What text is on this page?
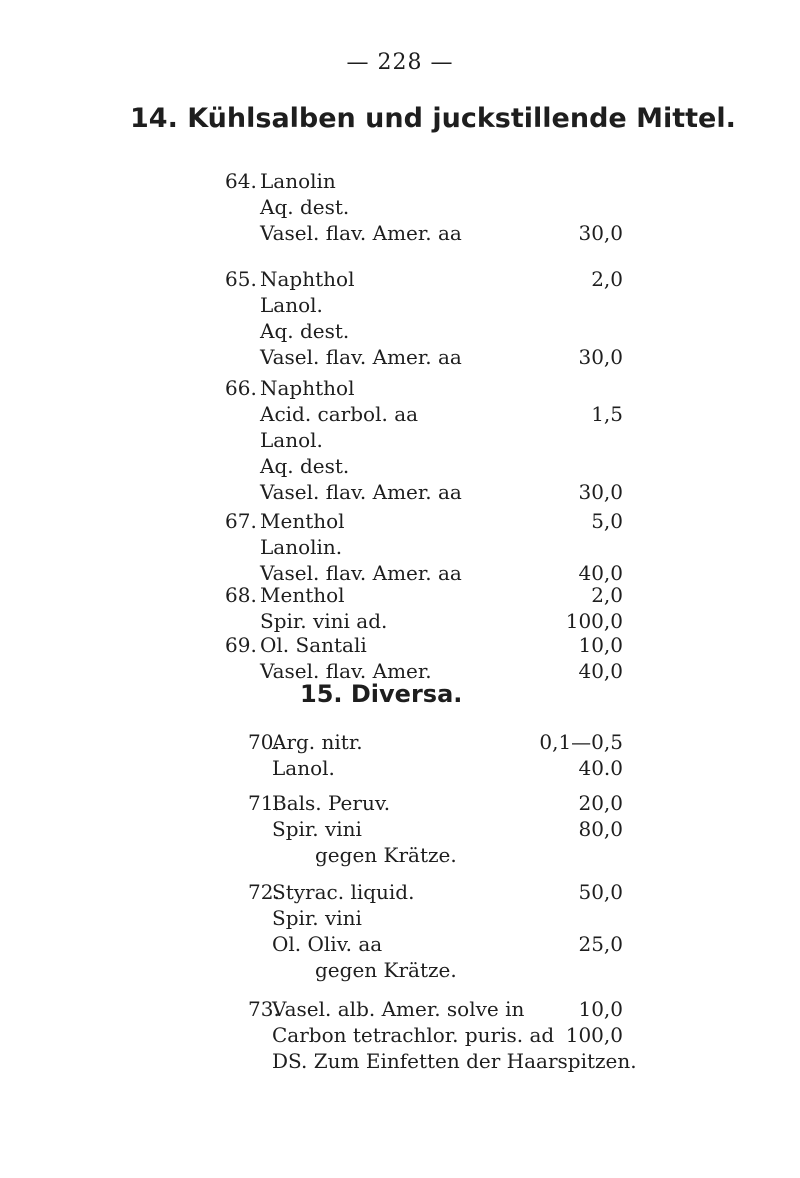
— 228 —
14. Kühlsalben und juckstillende Mittel.
64. Lanolin
Aq. dest.
Vasel. flav. Amer. aa	30,0
65. Naphthol	2,0
Lanol.
Aq. dest.
Vasel. flav. Amer. aa	30,0
66. Naphthol
Acid. carbol. aa	1,5
Lanol.
Aq. dest.
Vasel. flav. Amer. aa	30,0
67. Menthol	5,0
Lanolin.
Vasel. flav. Amer. aa	40,0
68. Menthol	2,0
Spir. vini ad.	100,0
69. Ol. Santali	10,0
Vasel. flav. Amer.	40,0
15. Diversa.
70.
Arg. nitr.	0,1—0,5
Lanol.	40.0
71.
Bals. Peruv.	20,0
Spir. vini	80,0
gegen Krätze.
72.
Styrac. liquid.	50,0
Spir. vini
Ol. Oliv. aa	25,0
gegen Krätze.
73.
Vasel. alb. Amer. solve in	10,0
Carbon tetrachlor. puris. ad 100,0
DS. Zum Einfetten der Haarspitzen.
